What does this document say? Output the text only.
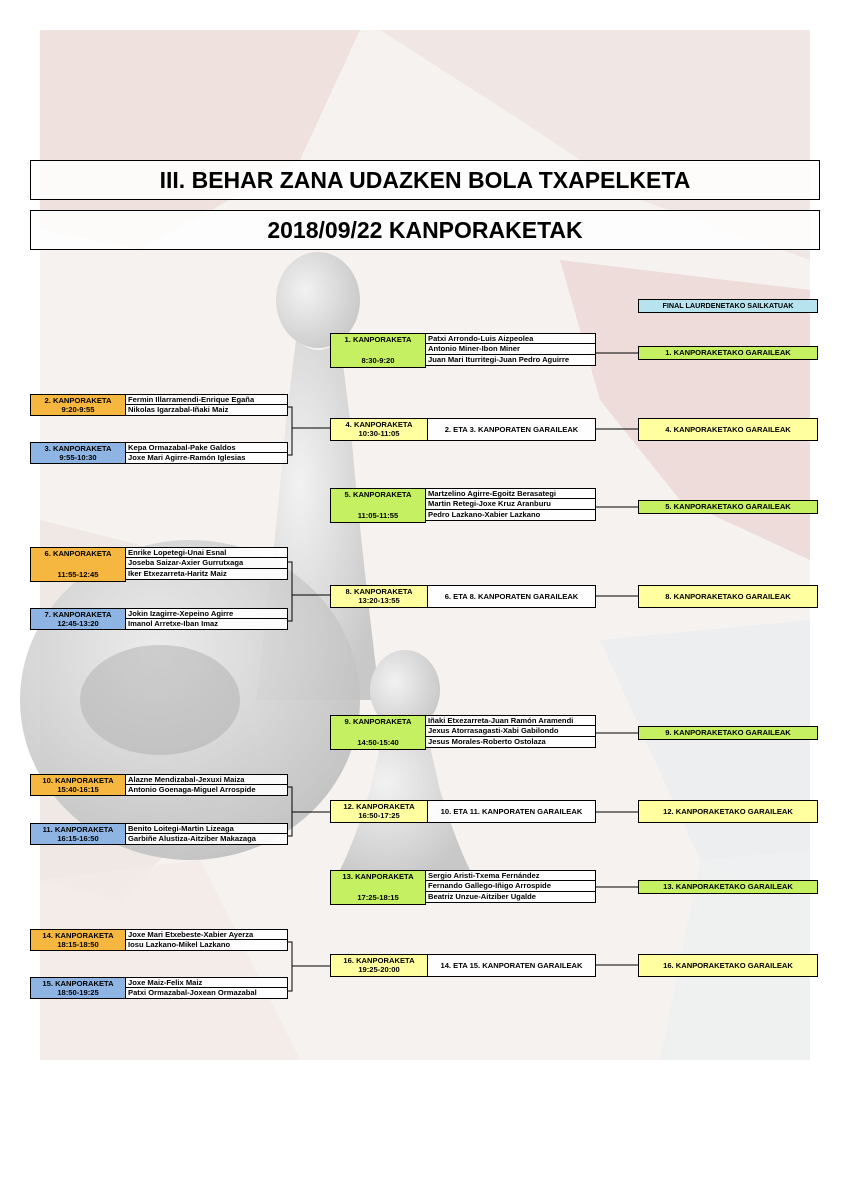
III. BEHAR ZANA UDAZKEN BOLA TXAPELKETA
2018/09/22 KANPORAKETAK
FINAL LAURDENETAKO SAILKATUAK
1. KANPORAKETA
8:30-9:20
Patxi Arrondo-Luis Aizpeolea
Antonio Miner-Ibon Miner
Juan Mari Iturritegi-Juan Pedro Aguirre
2. KANPORAKETA
9:20-9:55
Fermin Illarramendi-Enrique Egaña
Nikolas Igarzabal-Iñaki Maiz
3. KANPORAKETA
9:55-10:30
Kepa Ormazabal-Pake Galdos
Joxe Mari Agirre-Ramón Iglesias
4. KANPORAKETA
10:30-11:05	2. ETA 3. KANPORATEN GARAILEAK
5. KANPORAKETA
11:05-11:55
Martzelino Agirre-Egoitz Berasategi
Martin Retegi-Joxe Kruz Aranburu
Pedro Lazkano-Xabier Lazkano
6. KANPORAKETA
11:55-12:45
Enrike Lopetegi-Unai Esnal
Joseba Saizar-Axier Gurrutxaga
Iker Etxezarreta-Haritz Maiz
7. KANPORAKETA
12:45-13:20
Jokin Izagirre-Xepeino Agirre
Imanol Arretxe-Iban Imaz
8. KANPORAKETA
13:20-13:55	6. ETA 8. KANPORATEN GARAILEAK
9. KANPORAKETA
14:50-15:40
Iñaki Etxezarreta-Juan Ramón Aramendi
Jexus Atorrasagasti-Xabi Gabilondo
Jesus Morales-Roberto Ostolaza
10. KANPORAKETA
15:40-16:15
Alazne Mendizabal-Jexuxi Maiza
Antonio Goenaga-Miguel Arrospide
11. KANPORAKETA
16:15-16:50
Benito Loitegi-Martin Lizeaga
Garbiñe Alustiza-Aitziber Makazaga
12. KANPORAKETA
16:50-17:25	10. ETA 11. KANPORATEN GARAILEAK
13. KANPORAKETA
17:25-18:15
Sergio Aristi-Txema Fernández
Fernando Gallego-Iñigo Arrospide
Beatriz Unzue-Aitziber Ugalde
14. KANPORAKETA
18:15-18:50
Joxe Mari Etxebeste-Xabier Ayerza
Iosu Lazkano-Mikel Lazkano
15. KANPORAKETA
18:50-19:25
Joxe Maiz-Felix Maiz
Patxi Ormazabal-Joxean Ormazabal
16. KANPORAKETA
19:25-20:00	14. ETA 15. KANPORATEN GARAILEAK
1. KANPORAKETAKO GARAILEAK
4. KANPORAKETAKO GARAILEAK
5. KANPORAKETAKO GARAILEAK
8. KANPORAKETAKO GARAILEAK
9. KANPORAKETAKO GARAILEAK
12. KANPORAKETAKO GARAILEAK
13. KANPORAKETAKO GARAILEAK
16. KANPORAKETAKO GARAILEAK
